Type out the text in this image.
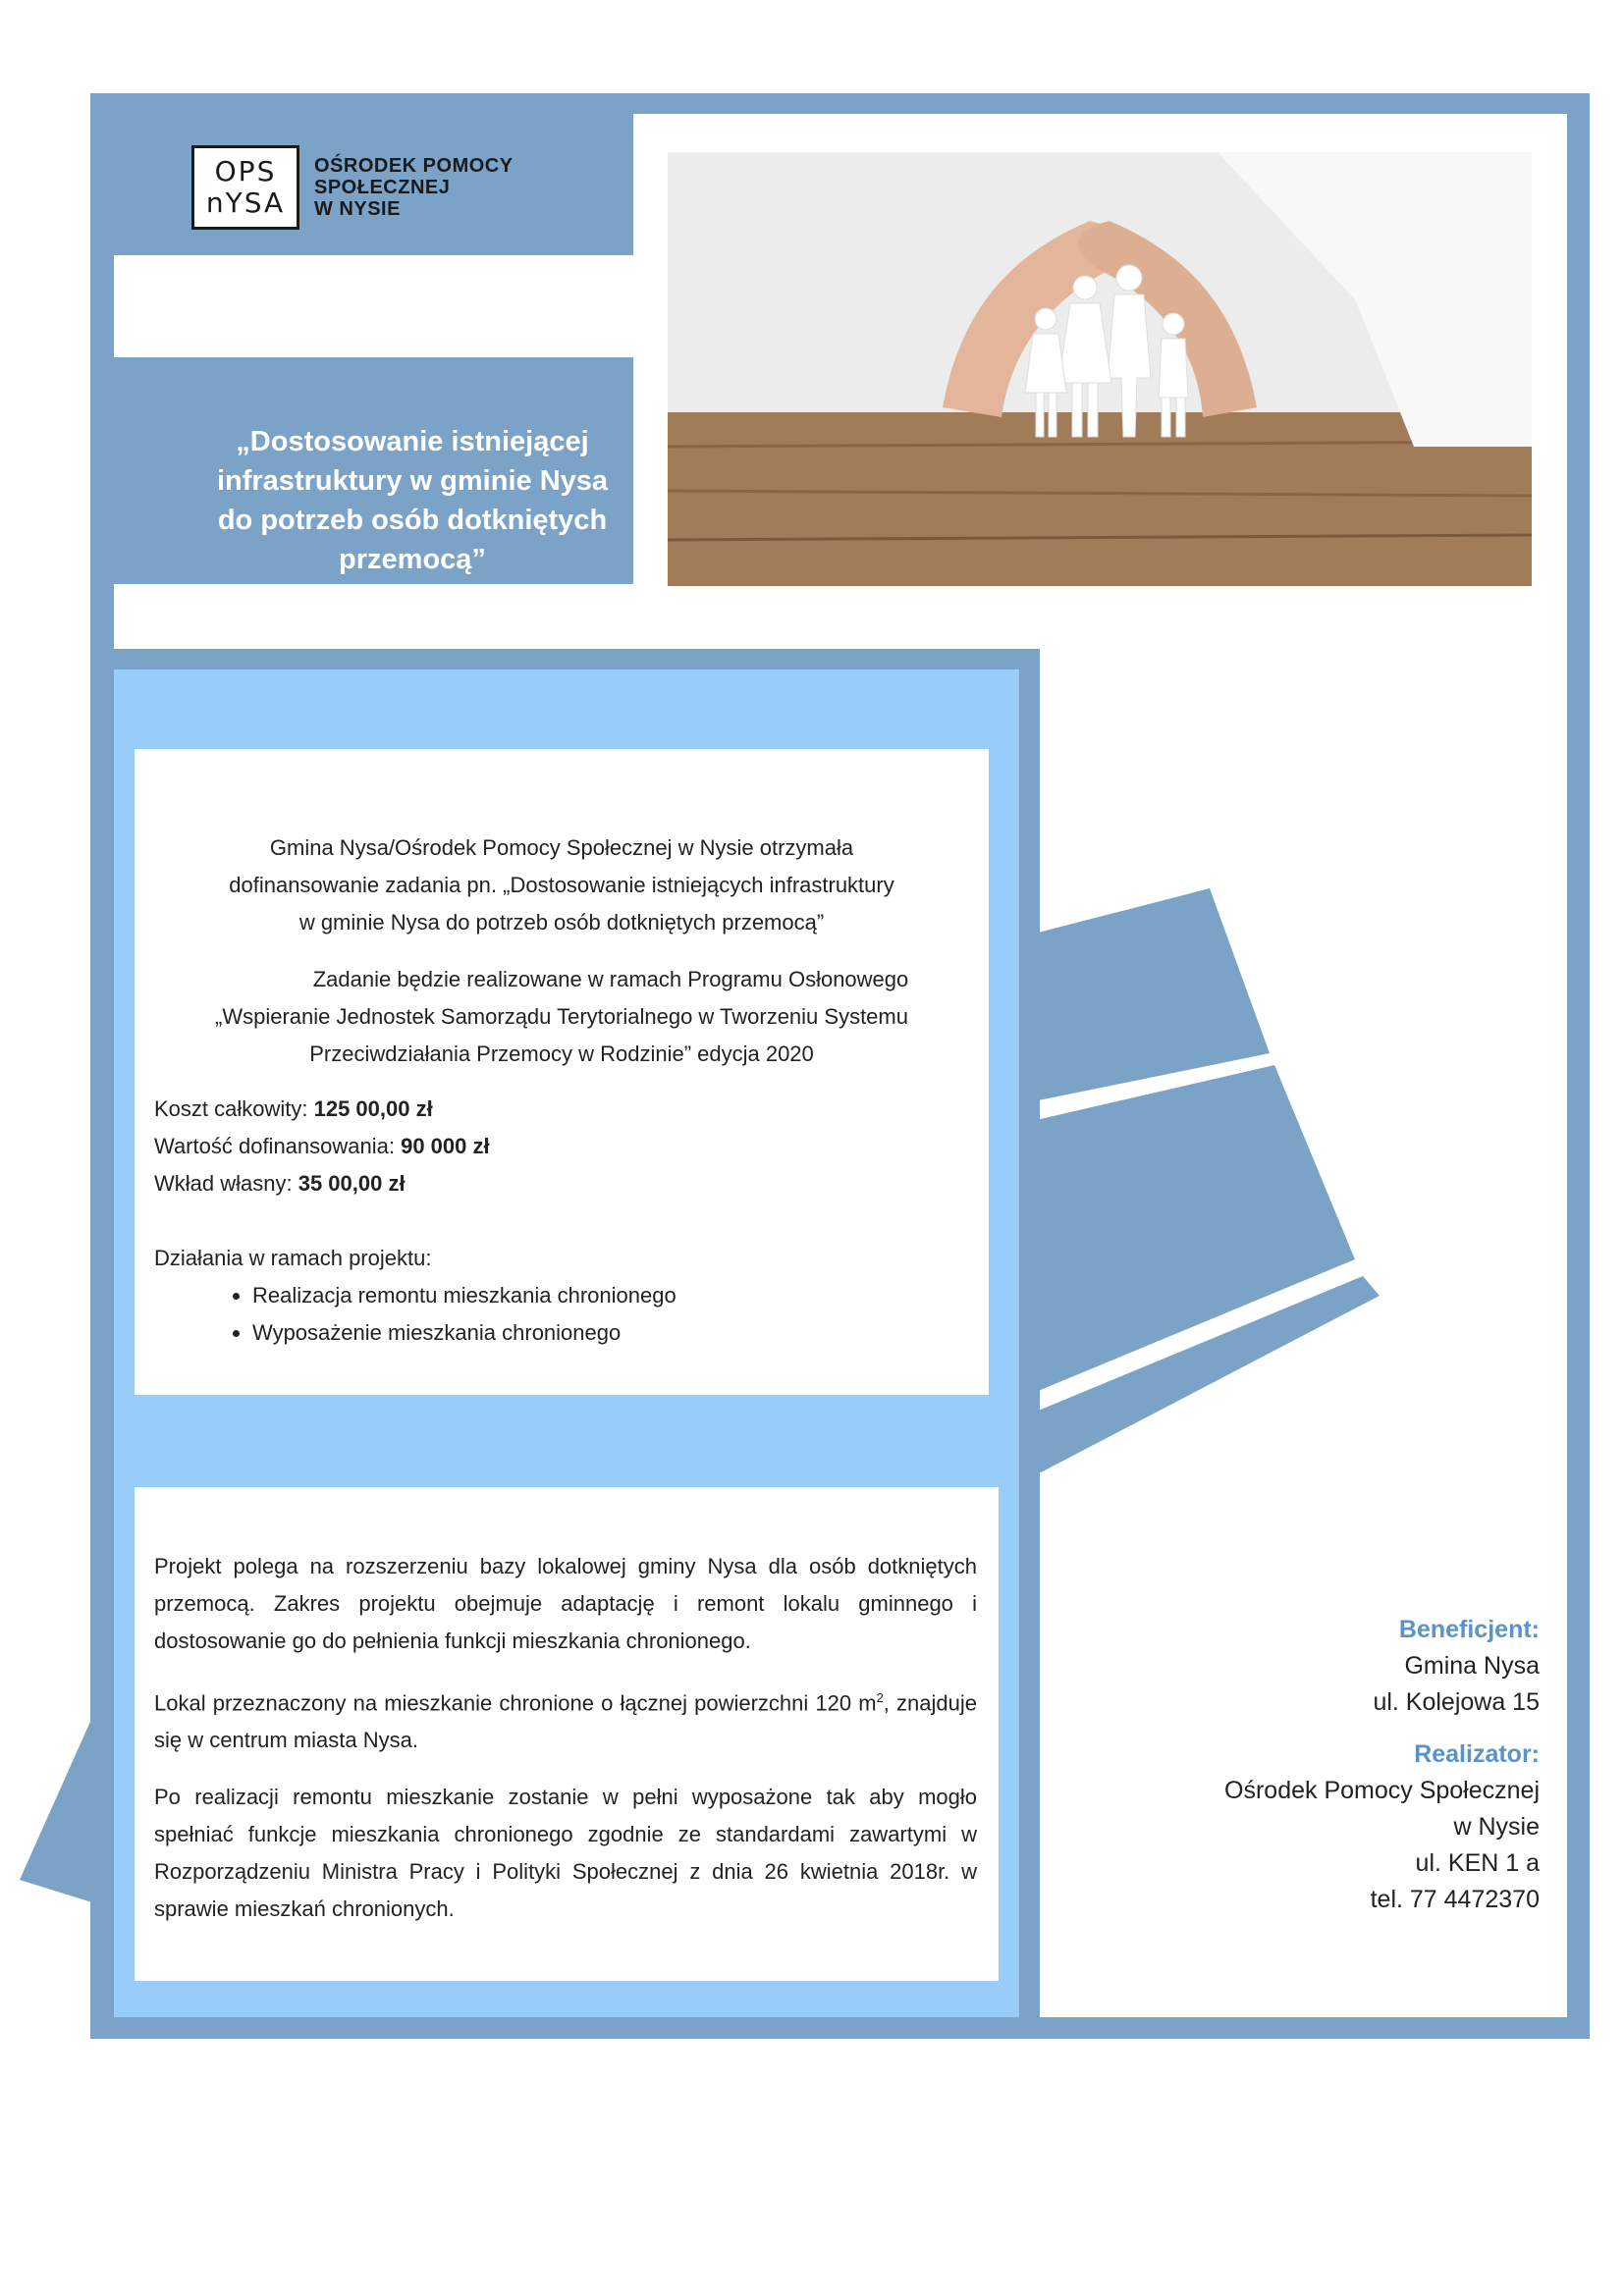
OPS
nYSA
OŚRODEK POMOCY
SPOŁECZNEJ
W NYSIE
„Dostosowanie istniejącej infrastruktury w gminie Nysa do potrzeb osób dotkniętych przemocą”

Gmina Nysa/Ośrodek Pomocy Społecznej w Nysie otrzymała
dofinansowanie zadania pn. „Dostosowanie istniejących infrastruktury
w gminie Nysa do potrzeb osób dotkniętych przemocą”

Zadanie będzie realizowane w ramach Programu Osłonowego
„Wspieranie Jednostek Samorządu Terytorialnego w Tworzeniu Systemu
Przeciwdziałania Przemocy w Rodzinie” edycja 2020

Koszt całkowity: 125 00,00 zł

Wartość dofinansowania: 90 000 zł

Wkład własny: 35 00,00 zł

Działania w ramach projektu:

• Realizacja remontu mieszkania chronionego
• Wyposażenie mieszkania chronionego

Projekt polega na rozszerzeniu bazy lokalowej gminy Nysa dla osób dotkniętych przemocą. Zakres projektu obejmuje adaptację i remont lokalu gminnego i dostosowanie go do pełnienia funkcji mieszkania chronionego.

Lokal przeznaczony na mieszkanie chronione o łącznej powierzchni 120 $m^2$, znajduje się w centrum miasta Nysa.

Po realizacji remontu mieszkanie zostanie w pełni wyposażone tak aby mogło spełniać funkcje mieszkania chronionego zgodnie ze standardami zawartymi w Rozporządzeniu Ministra Pracy i Polityki Społecznej z dnia 26 kwietnia 2018r. w sprawie mieszkań chronionych.

Beneficjent:
Gmina Nysa
ul. Kolejowa 15
Realizator:
Ośrodek Pomocy Społecznej
w Nysie
ul. KEN 1 a
tel. 77 4472370
